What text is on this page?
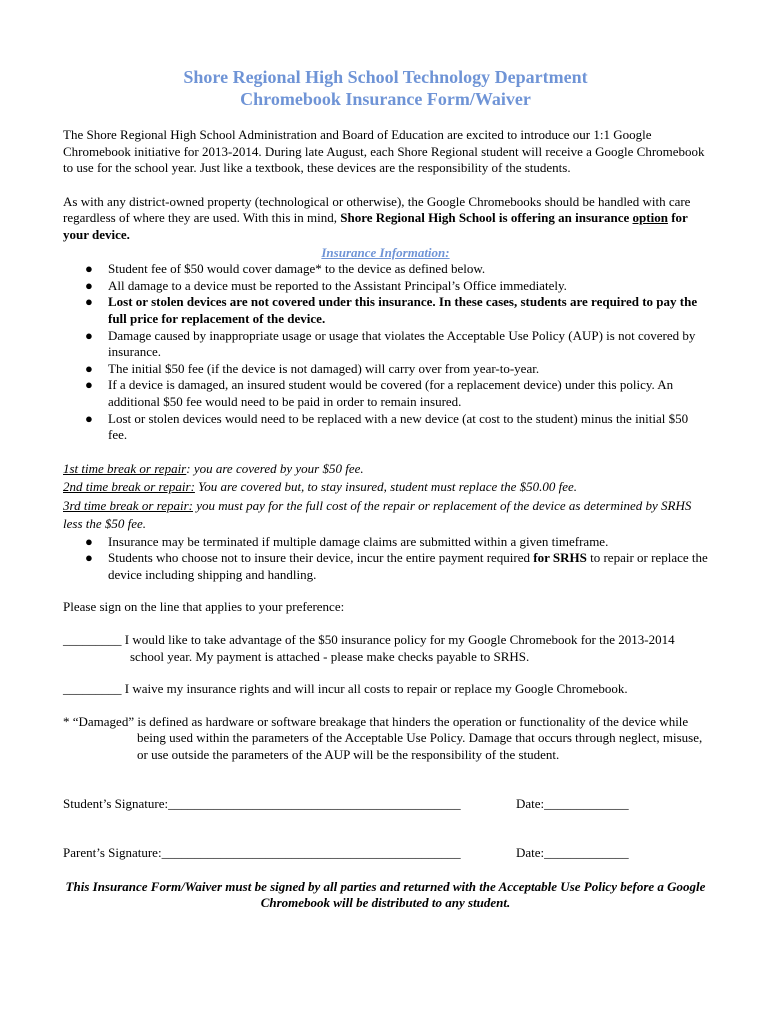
Shore Regional High School Technology Department
Chromebook Insurance Form/Waiver

The Shore Regional High School Administration and Board of Education are excited to introduce our 1:1 Google Chromebook initiative for 2013-2014. During late August, each Shore Regional student will receive a Google Chromebook to use for the school year. Just like a textbook, these devices are the responsibility of the students.

As with any district-owned property (technological or otherwise), the Google Chromebooks should be handled with care regardless of where they are used. With this in mind, Shore Regional High School is offering an insurance option for your device.

Insurance Information:

● Student fee of $50 would cover damage* to the device as defined below.
● All damage to a device must be reported to the Assistant Principal’s Office immediately.
● Lost or stolen devices are not covered under this insurance. In these cases, students are required to pay the full price for replacement of the device.
● Damage caused by inappropriate usage or usage that violates the Acceptable Use Policy (AUP) is not covered by insurance.
● The initial $50 fee (if the device is not damaged) will carry over from year-to-year.
● If a device is damaged, an insured student would be covered (for a replacement device) under this policy. An additional $50 fee would need to be paid in order to remain insured.
● Lost or stolen devices would need to be replaced with a new device (at cost to the student) minus the initial $50 fee.

1st time break or repair: you are covered by your $50 fee.

2nd time break or repair: You are covered but, to stay insured, student must replace the $50.00 fee.

3rd time break or repair: you must pay for the full cost of the repair or replacement of the device as determined by SRHS less the $50 fee.

● Insurance may be terminated if multiple damage claims are submitted within a given timeframe.
● Students who choose not to insure their device, incur the entire payment required for SRHS to repair or replace the device including shipping and handling.

Please sign on the line that applies to your preference:

_________ I would like to take advantage of the $50 insurance policy for my Google Chromebook for the 2013-2014 school year. My payment is attached - please make checks payable to SRHS.

_________ I waive my insurance rights and will incur all costs to repair or replace my Google Chromebook.

* “Damaged” is defined as hardware or software breakage that hinders the operation or functionality of the device while being used within the parameters of the Acceptable Use Policy. Damage that occurs through neglect, misuse, or use outside the parameters of the AUP will be the responsibility of the student.

Student’s Signature:_____________________________________________	Date:_____________
Parent’s Signature:______________________________________________	Date:_____________

This Insurance Form/Waiver must be signed by all parties and returned with the Acceptable Use Policy before a Google Chromebook will be distributed to any student.
